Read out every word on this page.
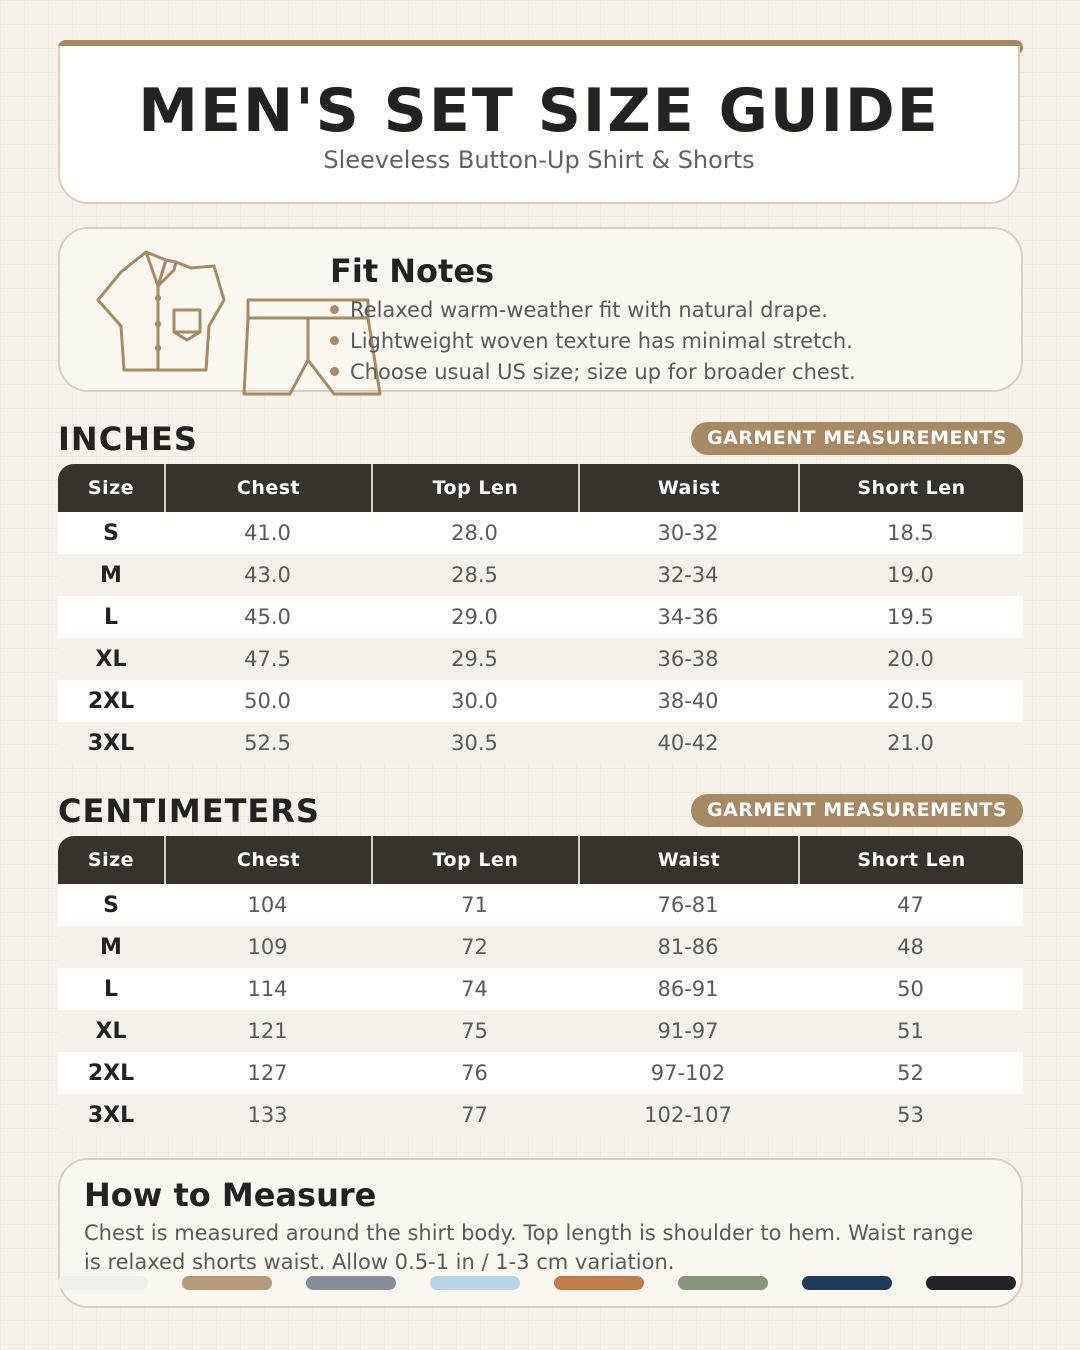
MEN'S SET SIZE GUIDE
Sleeveless Button-Up Shirt & Shorts
Fit Notes
Relaxed warm-weather fit with natural drape.
Lightweight woven texture has minimal stretch.
Choose usual US size; size up for broader chest.
INCHES	GARMENT MEASUREMENTS
Size	Chest	Top Len	Waist	Short Len
S	41.0	28.0	30-32	18.5
M	43.0	28.5	32-34	19.0
L	45.0	29.0	34-36	19.5
XL	47.5	29.5	36-38	20.0
2XL	50.0	30.0	38-40	20.5
3XL	52.5	30.5	40-42	21.0
CENTIMETERS	GARMENT MEASUREMENTS
Size	Chest	Top Len	Waist	Short Len
S	104	71	76-81	47
M	109	72	81-86	48
L	114	74	86-91	50
XL	121	75	91-97	51
2XL	127	76	97-102	52
3XL	133	77	102-107	53
How to Measure
Chest is measured around the shirt body. Top length is shoulder to hem. Waist range is relaxed shorts waist. Allow 0.5-1 in / 1-3 cm variation.
